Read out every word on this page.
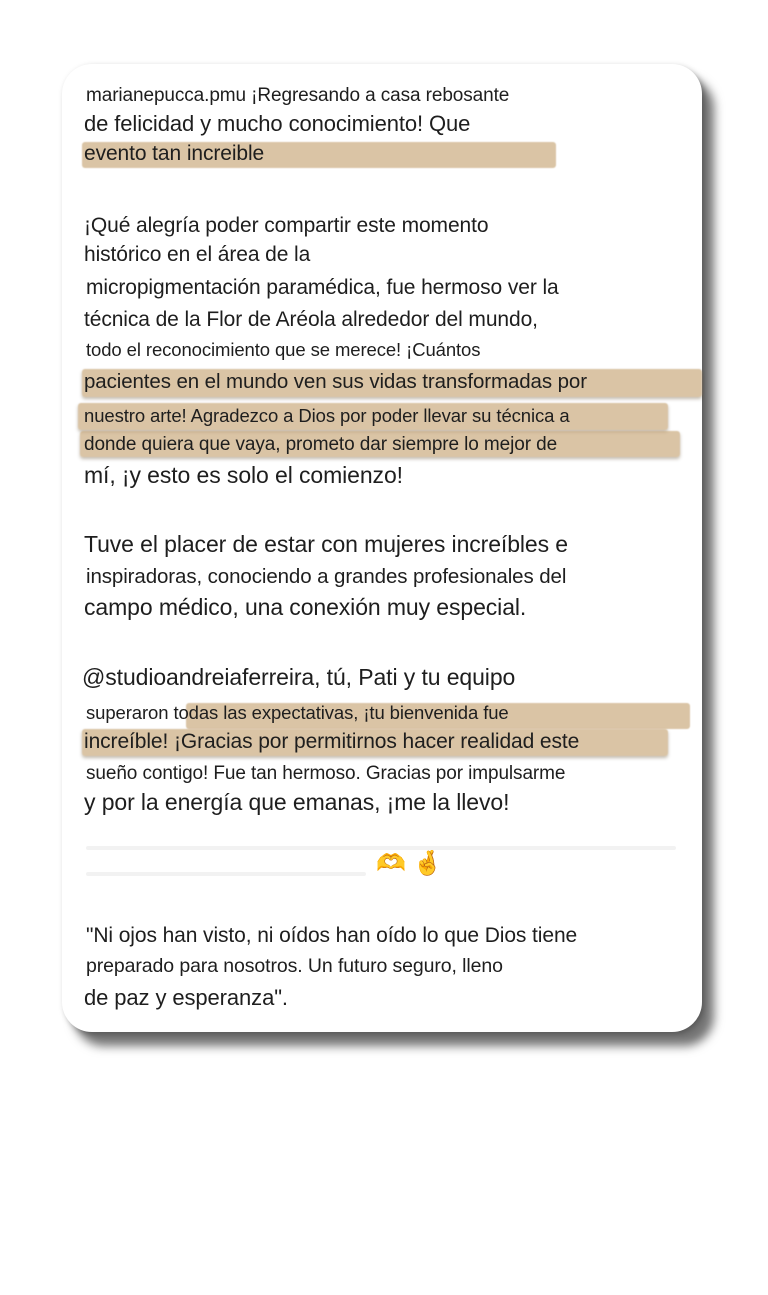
marianepucca.pmu ¡Regresando a casa rebosante
de felicidad y mucho conocimiento! Que
evento tan increible
¡Qué alegría poder compartir este momento
histórico en el área de la
micropigmentación paramédica, fue hermoso ver la
técnica de la Flor de Aréola alrededor del mundo,
todo el reconocimiento que se merece! ¡Cuántos
pacientes en el mundo ven sus vidas transformadas por
nuestro arte! Agradezco a Dios por poder llevar su técnica a
donde quiera que vaya, prometo dar siempre lo mejor de
mí, ¡y esto es solo el comienzo!
Tuve el placer de estar con mujeres increíbles e
inspiradoras, conociendo a grandes profesionales del
campo médico, una conexión muy especial.
@studioandreiaferreira, tú, Pati y tu equipo
superaron todas las expectativas, ¡tu bienvenida fue
increíble! ¡Gracias por permitirnos hacer realidad este
sueño contigo! Fue tan hermoso. Gracias por impulsarme
y por la energía que emanas, ¡me la llevo!
🫶 🤞
"Ni ojos han visto, ni oídos han oído lo que Dios tiene
preparado para nosotros. Un futuro seguro, lleno
de paz y esperanza".
